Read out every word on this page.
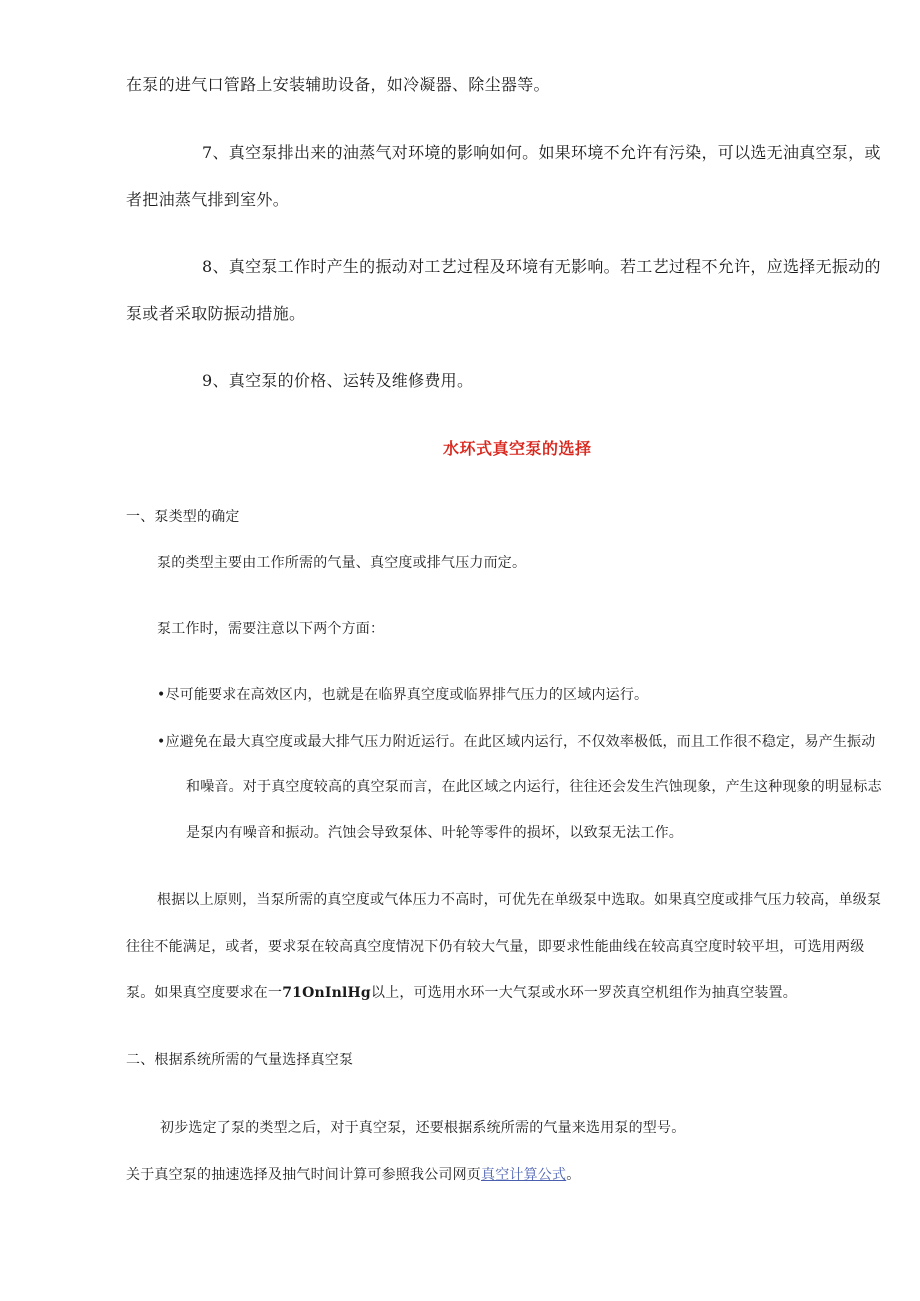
在泵的进气口管路上安装辅助设备，如冷凝器、除尘器等。
7、真空泵排出来的油蒸气对环境的影响如何。如果环境不允许有污染，可以选无油真空泵，或
者把油蒸气排到室外。
8、真空泵工作时产生的振动对工艺过程及环境有无影响。若工艺过程不允许，应选择无振动的
泵或者采取防振动措施。
9、真空泵的价格、运转及维修费用。
水环式真空泵的选择
一、泵类型的确定
泵的类型主要由工作所需的气量、真空度或排气压力而定。
泵工作时，需要注意以下两个方面：
•尽可能要求在高效区内，也就是在临界真空度或临界排气压力的区域内运行。
•应避免在最大真空度或最大排气压力附近运行。在此区域内运行，不仅效率极低，而且工作很不稳定，易产生振动
和噪音。对于真空度较高的真空泵而言，在此区域之内运行，往往还会发生汽蚀现象，产生这种现象的明显标志
是泵内有噪音和振动。汽蚀会导致泵体、叶轮等零件的损坏，以致泵无法工作。
根据以上原则，当泵所需的真空度或气体压力不高时，可优先在单级泵中选取。如果真空度或排气压力较高，单级泵
往往不能满足，或者，要求泵在较高真空度情况下仍有较大气量，即要求性能曲线在较高真空度时较平坦，可选用两级
泵。如果真空度要求在一71OnInlHg以上，可选用水环一大气泵或水环一罗茨真空机组作为抽真空装置。
二、根据系统所需的气量选择真空泵
初步选定了泵的类型之后，对于真空泵，还要根据系统所需的气量来选用泵的型号。
关于真空泵的抽速选择及抽气时间计算可参照我公司网页真空计算公式。
